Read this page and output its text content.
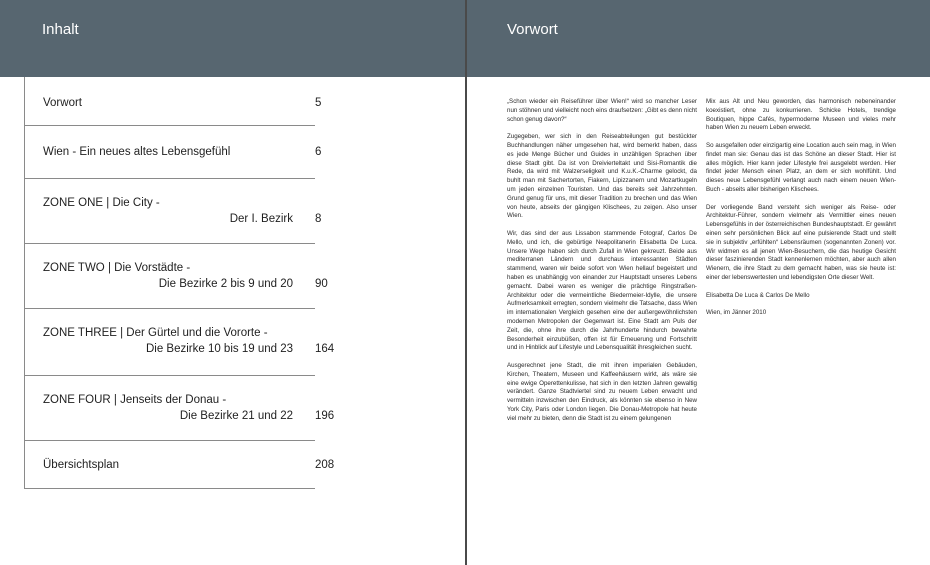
Inhalt	Vorwort
Vorwort	5
Wien - Ein neues altes Lebensgefühl	6
ZONE ONE | Die City -
Der I. Bezirk 8
ZONE TWO | Die Vorstädte -
Die Bezirke 2 bis 9 und 20 90
ZONE THREE | Der Gürtel und die Vororte -
Die Bezirke 10 bis 19 und 23 164
ZONE FOUR | Jenseits der Donau -
Die Bezirke 21 und 22 196
Übersichtsplan	208

„Schon wieder ein Reiseführer über Wien!“ wird so mancher Leser nun stöhnen und vielleicht noch eins draufsetzen: „Gibt es denn nicht schon genug davon?“

Zugegeben, wer sich in den Reiseabteilungen gut bestückter Buchhandlungen näher umgesehen hat, wird bemerkt haben, dass es jede Menge Bücher und Guides in unzähligen Sprachen über diese Stadt gibt. Da ist von Dreivierteltakt und Sisi-Romantik die Rede, da wird mit Walzerseligkeit und K.u.K.-Charme gelockt, da buhlt man mit Sachertorten, Fiakern, Lipizzanern und Mozartkugeln um jeden einzelnen Touristen. Und das bereits seit Jahrzehnten. Grund genug für uns, mit dieser Tradition zu brechen und das Wien von heute, abseits der gängigen Klischees, zu zeigen. Also unser Wien.

Wir, das sind der aus Lissabon stammende Fotograf, Carlos De Mello, und ich, die gebürtige Neapolitanerin Elisabetta De Luca. Unsere Wege haben sich durch Zufall in Wien gekreuzt. Beide aus mediterranen Ländern und durchaus interessanten Städten stammend, waren wir beide sofort von Wien hellauf begeistert und haben es unabhängig von einander zur Hauptstadt unseres Lebens gemacht. Dabei waren es weniger die prächtige Ringstraßen-Architektur oder die vermeintliche Biedermeier-Idylle, die unsere Aufmerksamkeit erregten, sondern vielmehr die Tatsache, dass Wien im internationalen Vergleich gesehen eine der außergewöhnlichsten modernen Metropolen der Gegenwart ist. Eine Stadt am Puls der Zeit, die, ohne ihre durch die Jahrhunderte hindurch bewahrte Besonderheit einzubüßen, offen ist für Erneuerung und Fortschritt und in Hinblick auf Lifestyle und Lebensqualität ihresgleichen sucht.

Ausgerechnet jene Stadt, die mit ihren imperialen Gebäuden, Kirchen, Theatern, Museen und Kaffeehäusern wirkt, als wäre sie eine ewige Operettenkulisse, hat sich in den letzten Jahren gewaltig verändert. Ganze Stadtviertel sind zu neuem Leben erwacht und vermitteln inzwischen den Eindruck, als könnten sie ebenso in New York City, Paris oder London liegen. Die Donau-Metropole hat heute viel mehr zu bieten, denn die Stadt ist zu einem gelungenen

Mix aus Alt und Neu geworden, das harmonisch nebeneinander koexistiert, ohne zu konkurrieren. Schicke Hotels, trendige Boutiquen, hippe Cafés, hypermoderne Museen und vieles mehr haben Wien zu neuem Leben erweckt.

So ausgefallen oder einzigartig eine Location auch sein mag, in Wien findet man sie: Genau das ist das Schöne an dieser Stadt. Hier ist alles möglich. Hier kann jeder Lifestyle frei ausgelebt werden. Hier findet jeder Mensch einen Platz, an dem er sich wohlfühlt. Und dieses neue Lebensgefühl verlangt auch nach einem neuen Wien-Buch - abseits aller bisherigen Klischees.

Der vorliegende Band versteht sich weniger als Reise- oder Architektur-Führer, sondern vielmehr als Vermittler eines neuen Lebensgefühls in der österreichischen Bundeshauptstadt. Er gewährt einen sehr persönlichen Blick auf eine pulsierende Stadt und stellt sie in subjektiv „erfühlten“ Lebensräumen (sogenannten Zonen) vor. Wir widmen es all jenen Wien-Besuchern, die das heutige Gesicht dieser faszinierenden Stadt kennenlernen möchten, aber auch allen Wienern, die ihre Stadt zu dem gemacht haben, was sie heute ist: einer der lebenswertesten und lebendigsten Orte dieser Welt.

Elisabetta De Luca & Carlos De Mello

Wien, im Jänner 2010
